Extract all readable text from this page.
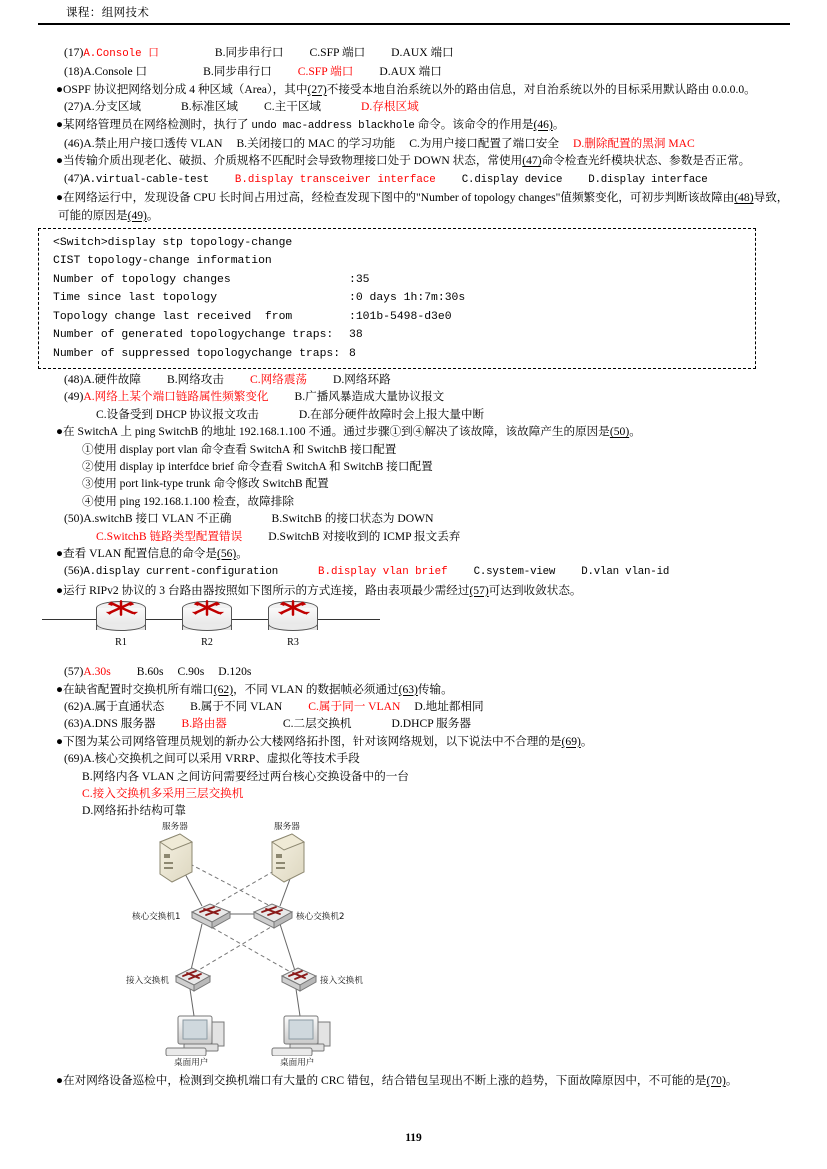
课程：组网技术
(17)A.Console 口	B.同步串行口 C.SFP 端口 D.AUX 端口
(18)A.Console 口	B.同步串行口 C.SFP 端口 D.AUX 端口
●OSPF 协议把网络划分成 4 种区域（Area），其中(27)不接受本地自治系统以外的路由信息，对自治系统以外的目标采用默认路由 0.0.0.0。
(27)A.分支区域	B.标准区域 C.主干区域	D.存根区域
●某网络管理员在网络检测时，执行了 undo mac-address blackhole 命令。该命令的作用是(46)。
(46)A.禁止用户接口透传 VLAN B.关闭接口的 MAC 的学习功能 C.为用户接口配置了端口安全 D.删除配置的黑洞 MAC
●当传输介质出现老化、破损、介质规格不匹配时会导致物理接口处于 DOWN 状态，常使用(47)命令检查光纤模块状态、参数是否正常。
(47)A.virtual-cable-test B.display transceiver interface C.display device D.display interface
●在网络运行中，发现设备 CPU 长时间占用过高，经检查发现下图中的"Number of topology changes"值频繁变化，可初步判断该故障由(48)导致，可能的原因是(49)。
<Switch>display stp topology-change
CIST topology-change information
Number of topology changes	:35
Time since last topology	:0 days 1h:7m:30s
Topology change last received  from	:101b-5498-d3e0
Number of generated topologychange traps:	38
Number of suppressed topologychange traps: 8
(48)A.硬件故障 B.网络攻击 C.网络震荡 D.网络环路
(49)A.网络上某个端口链路属性频繁变化 B.广播风暴造成大量协议报文
C.设备受到 DHCP 协议报文攻击	D.在部分硬件故障时会上报大量中断
●在 SwitchA 上 ping SwitchB 的地址 192.168.1.100 不通。通过步骤①到④解决了该故障，该故障产生的原因是(50)。
①使用 display port vlan 命令查看 SwitchA 和 SwitchB 接口配置
②使用 display ip interfdce brief 命令查看 SwitchA 和 SwitchB 接口配置
③使用 port link-type trunk 命令修改 SwitchB 配置
④使用 ping 192.168.1.100 检查，故障排除
(50)A.switchB 接口 VLAN 不正确	B.SwitchB 的接口状态为 DOWN
C.SwitchB 链路类型配置错误 D.SwitchB 对接收到的 ICMP 报文丢弃
●查看 VLAN 配置信息的命令是(56)。
(56)A.display current-configuration	B.display vlan brief C.system-view D.vlan vlan-id
●运行 RIPv2 协议的 3 台路由器按照如下图所示的方式连接，路由表项最少需经过(57)可达到收敛状态。
R1	R2	R3
(57)A.30s B.60s C.90s D.120s
●在缺省配置时交换机所有端口(62)，不同 VLAN 的数据帧必须通过(63)传输。
(62)A.属于直通状态 B.属于不同 VLAN C.属于同一 VLAN D.地址都相同
(63)A.DNS 服务器 B.路由器	C.二层交换机	D.DHCP 服务器
●下图为某公司网络管理员规划的新办公大楼网络拓扑图，针对该网络规划，以下说法中不合理的是(69)。
(69)A.核心交换机之间可以采用 VRRP、虚拟化等技术手段
B.网络内各 VLAN 之间访问需要经过两台核心交换设备中的一台
C.接入交换机多采用三层交换机
D.网络拓扑结构可靠
服务器	服务器
核心交换机1	核心交换机2
接入交换机	接入交换机
桌面用户	桌面用户
●在对网络设备巡检中，检测到交换机端口有大量的 CRC 错包，结合错包呈现出不断上涨的趋势，下面故障原因中，不可能的是(70)。
119
